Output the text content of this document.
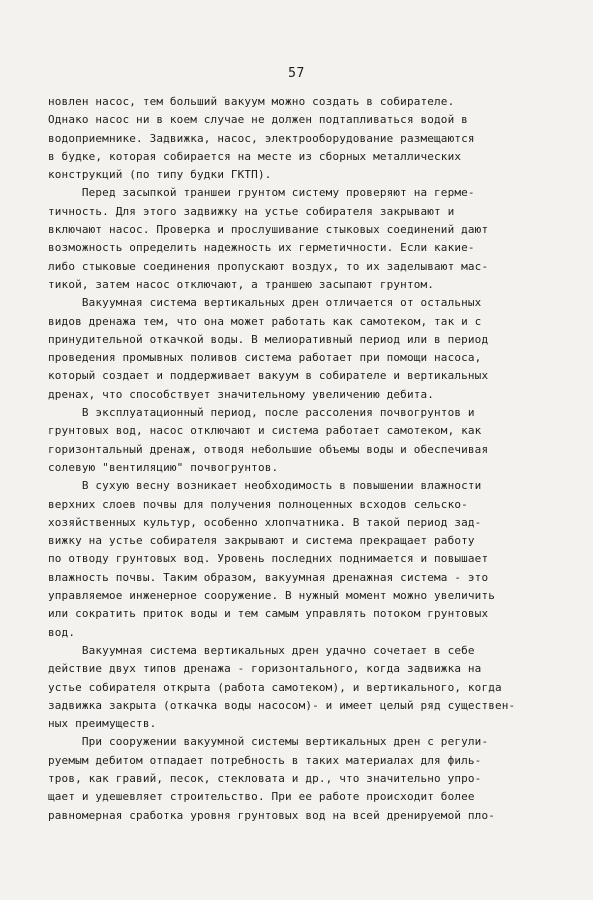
57
новлен насос, тем больший вакуум можно создать в собирателе.
Однако насос ни в коем случае не должен подтапливаться водой в
водоприемнике. Задвижка, насос, электрооборудование размещаются
в будке, которая собирается на месте из сборных металлических
конструкций (по типу будки ГКТП).
Перед засыпкой траншеи грунтом систему проверяют на герме-
тичность. Для этого задвижку на устье собирателя закрывают и
включают насос. Проверка и прослушивание стыковых соединений дают
возможность определить надежность их герметичности. Если какие-
либо стыковые соединения пропускают воздух, то их заделывают мас-
тикой, затем насос отключают, а траншею засыпают грунтом.
Вакуумная система вертикальных дрен отличается от остальных
видов дренажа тем, что она может работать как самотеком, так и с
принудительной откачкой воды. В мелиоративный период или в период
проведения промывных поливов система работает при помощи насоса,
который создает и поддерживает вакуум в собирателе и вертикальных
дренах, что способствует значительному увеличению дебита.
В эксплуатационный период, после рассоления почвогрунтов и
грунтовых вод, насос отключают и система работает самотеком, как
горизонтальный дренаж, отводя небольшие объемы воды и обеспечивая
солевую "вентиляцию" почвогрунтов.
В сухую весну возникает необходимость в повышении влажности
верхних слоев почвы для получения полноценных всходов сельско-
хозяйственных культур, особенно хлопчатника. В такой период зад-
вижку на устье собирателя закрывают и система прекращает работу
по отводу грунтовых вод. Уровень последних поднимается и повышает
влажность почвы. Таким образом, вакуумная дренажная система - это
управляемое инженерное сооружение. В нужный момент можно увеличить
или сократить приток воды и тем самым управлять потоком грунтовых
вод.
Вакуумная система вертикальных дрен удачно сочетает в себе
действие двух типов дренажа - горизонтального, когда задвижка на
устье собирателя открыта (работа самотеком), и вертикального, когда
задвижка закрыта (откачка воды насосом)- и имеет целый ряд существен-
ных преимуществ.
При сооружении вакуумной системы вертикальных дрен с регули-
руемым дебитом отпадает потребность в таких материалах для филь-
тров, как гравий, песок, стекловата и др., что значительно упро-
щает и удешевляет строительство. При ее работе происходит более
равномерная сработка уровня грунтовых вод на всей дренируемой пло-
